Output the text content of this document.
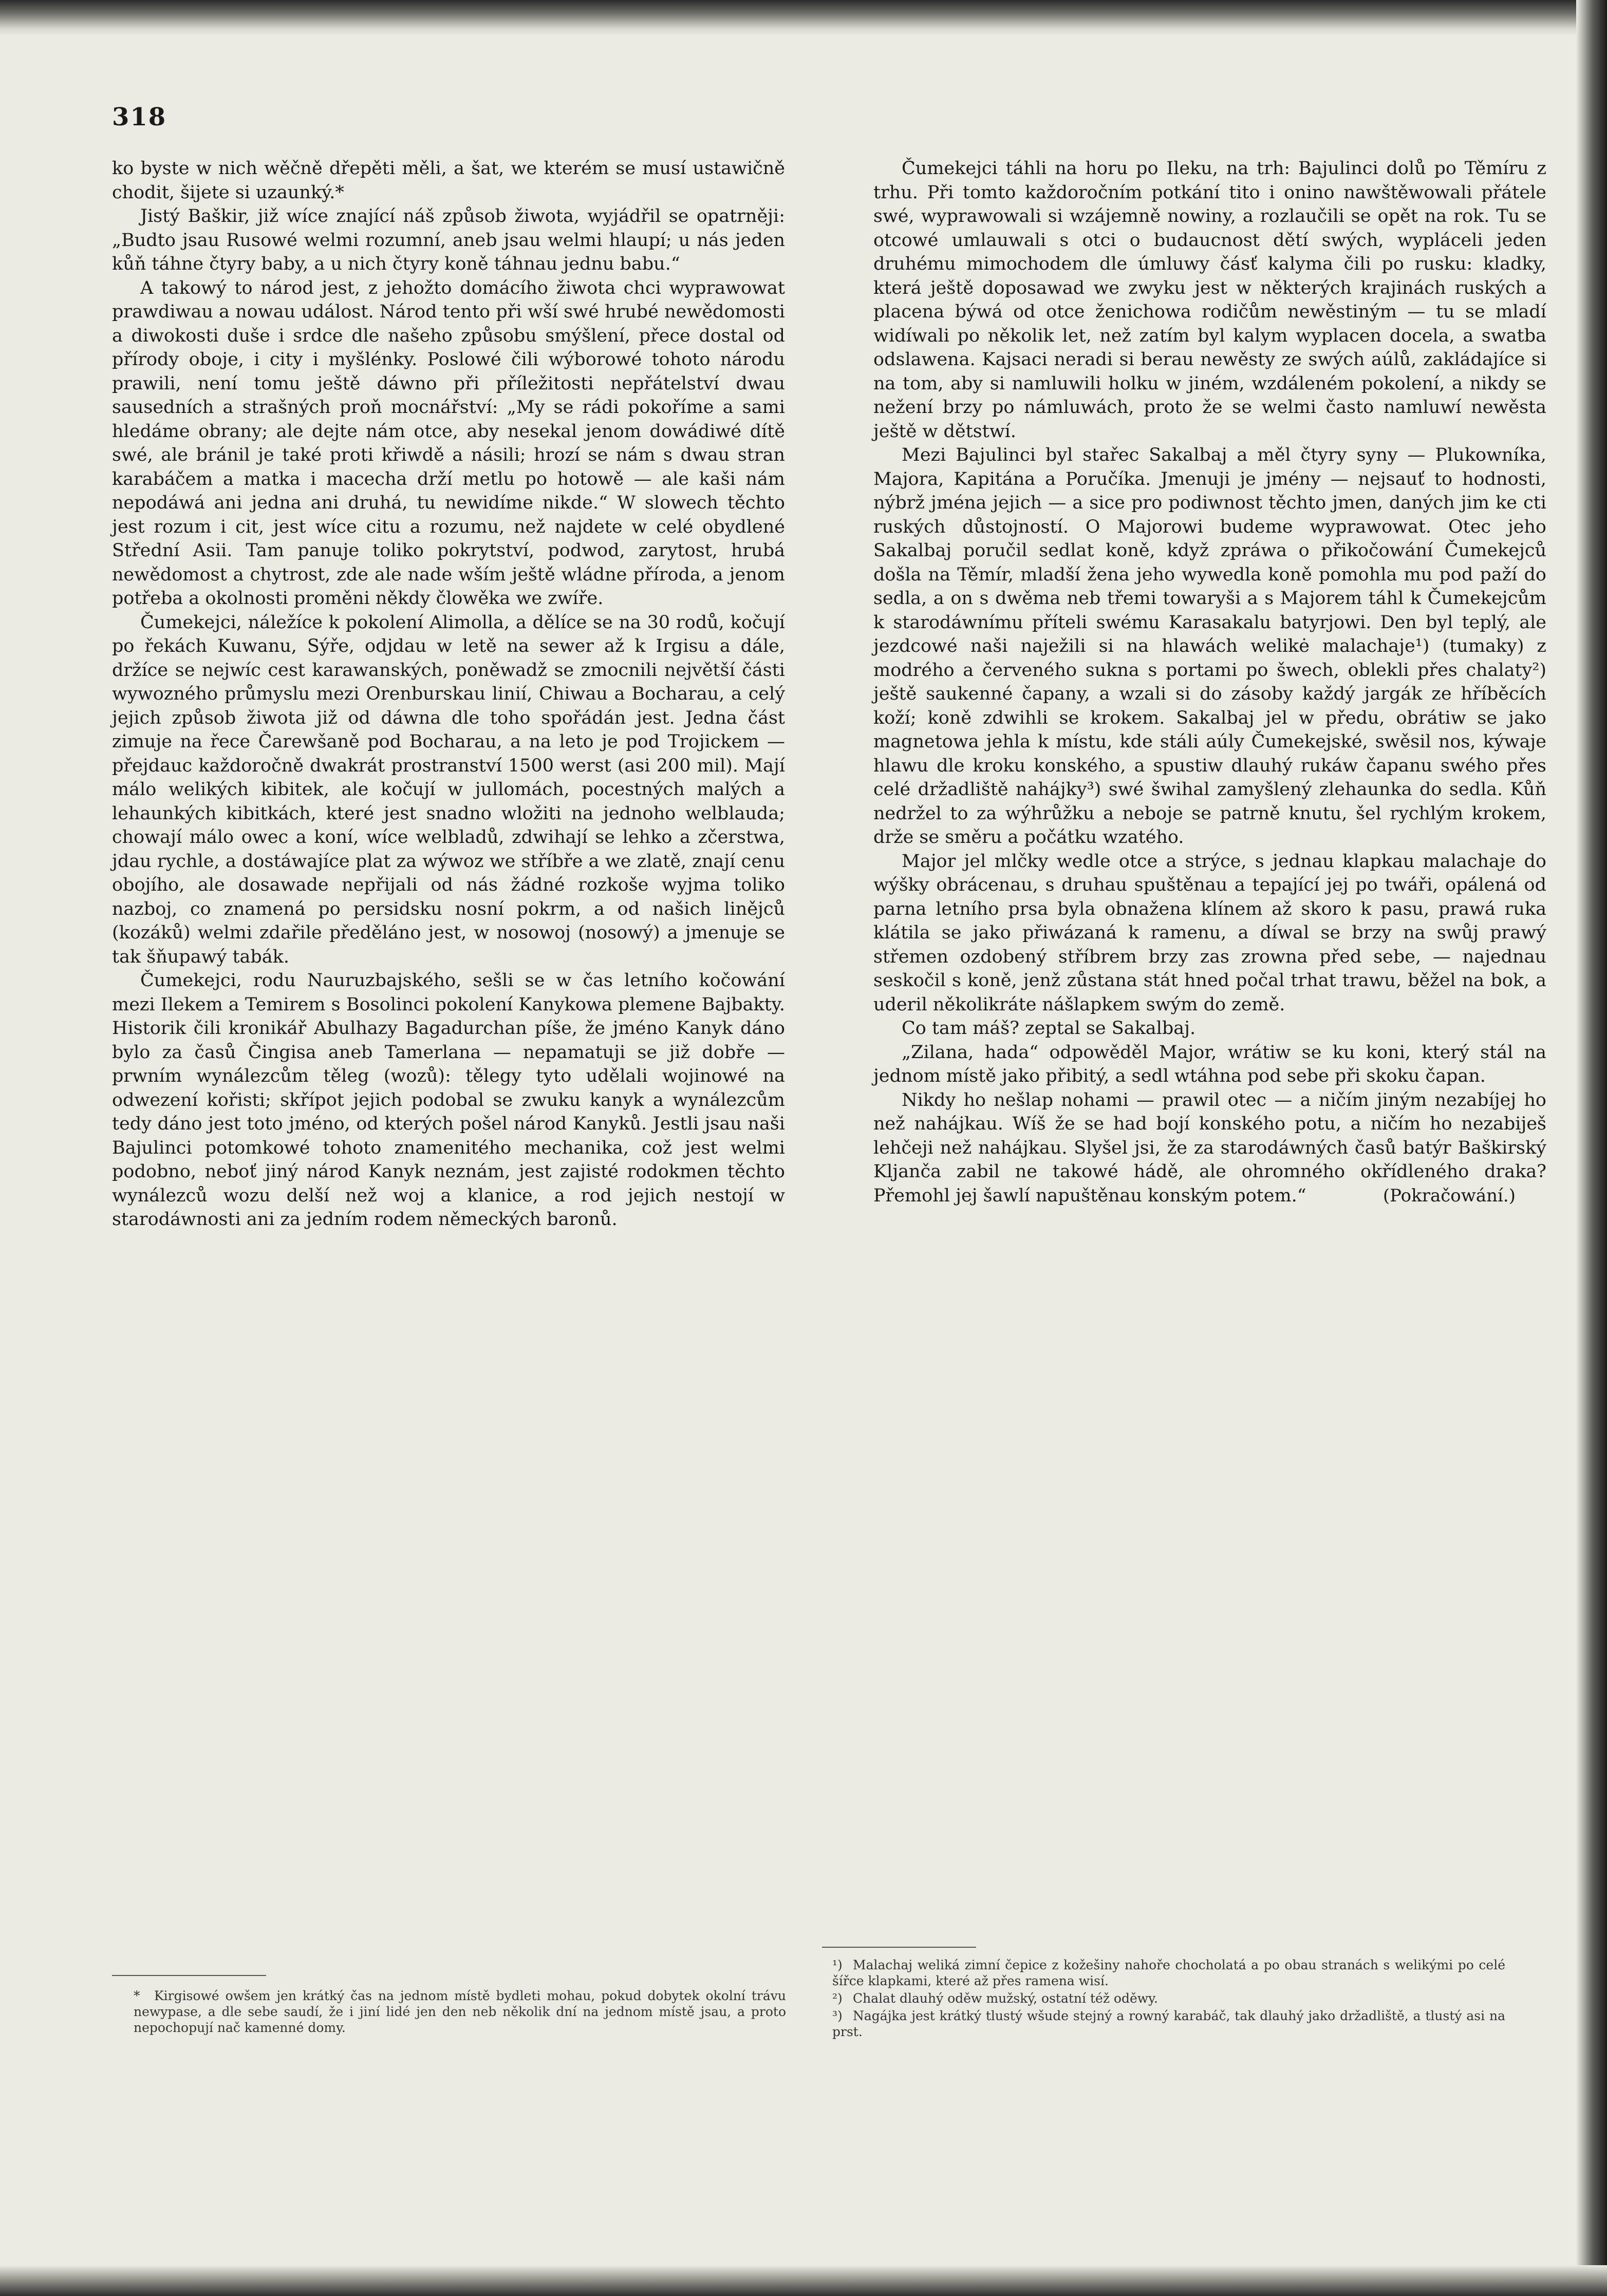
318

ko byste w nich wěčně dřepěti měli, a šat, we kterém se musí ustawičně chodit, šijete si uzaunký.*

Jistý Baškir, již wíce znající náš způsob žiwota, wyjádřil se opatrněji: „Budto jsau Rusowé welmi rozumní, aneb jsau welmi hlaupí; u nás jeden kůň táhne čtyry baby, a u nich čtyry koně táhnau jednu babu.“

A takowý to národ jest, z jehožto domácího žiwota chci wyprawowat prawdiwau a nowau událost. Národ tento při wší swé hrubé newědomosti a diwokosti duše i srdce dle našeho způsobu smýšlení, přece dostal od přírody oboje, i city i myšlénky. Poslowé čili wýborowé tohoto národu prawili, není tomu ještě dáwno při příležitosti nepřátelství dwau sausedních a strašných proň mocnářství: „My se rádi pokoříme a sami hledáme obrany; ale dejte nám otce, aby nesekal jenom dowádiwé dítě swé, ale bránil je také proti křiwdě a násili; hrozí se nám s dwau stran karabáčem a matka i macecha drží metlu po hotowě — ale kaši nám nepodáwá ani jedna ani druhá, tu newidíme nikde.“ W slowech těchto jest rozum i cit, jest wíce citu a rozumu, než najdete w celé obydlené Střední Asii. Tam panuje toliko pokrytství, podwod, zarytost, hrubá newědomost a chytrost, zde ale nade wším ještě wládne příroda, a jenom potřeba a okolnosti proměni někdy člowěka we zwíře.

Čumekejci, náležíce k pokolení Alimolla, a dělíce se na 30 rodů, kočují po řekách Kuwanu, Sýře, odjdau w letě na sewer až k Irgisu a dále, držíce se nejwíc cest karawanských, poněwadž se zmocnili největší části wywozného průmyslu mezi Orenburskau linií, Chiwau a Bocharau, a celý jejich způsob žiwota již od dáwna dle toho spořádán jest. Jedna část zimuje na řece Čarewšaně pod Bocharau, a na leto je pod Trojickem — přejdauc každoročně dwakrát prostranství 1500 werst (asi 200 mil). Mají málo welikých kibitek, ale kočují w jullomách, pocestných malých a lehaunkých kibitkách, které jest snadno wložiti na jednoho welblauda; chowají málo owec a koní, wíce welbladů, zdwihají se lehko a zčerstwa, jdau rychle, a dostáwajíce plat za wýwoz we stříbře a we zlatě, znají cenu obojího, ale dosawade nepřijali od nás žádné rozkoše wyjma toliko nazboj, co znamená po persidsku nosní pokrm, a od našich linějců (kozáků) welmi zdařile předěláno jest, w nosowoj (nosowý) a jmenuje se tak šňupawý tabák.

Čumekejci, rodu Nauruzbajského, sešli se w čas letního kočowání mezi Ilekem a Temirem s Bosolinci pokolení Kanykowa plemene Bajbakty. Historik čili kronikář Abulhazy Bagadurchan píše, že jméno Kanyk dáno bylo za časů Čingisa aneb Tamerlana — nepamatuji se již dobře — prwním wynálezcům těleg (wozů): tělegy tyto udělali wojinowé na odwezení kořisti; skřípot jejich podobal se zwuku kanyk a wynálezcům tedy dáno jest toto jméno, od kterých pošel národ Kanyků. Jestli jsau naši Bajulinci potomkowé tohoto znamenitého mechanika, což jest welmi podobno, neboť jiný národ Kanyk neznám, jest zajisté rodokmen těchto wynálezců wozu delší než woj a klanice, a rod jejich nestojí w starodáwnosti ani za jedním rodem německých baronů.

Čumekejci táhli na horu po Ileku, na trh: Bajulinci dolů po Těmíru z trhu. Při tomto každoročním potkání tito i onino nawštěwowali přátele swé, wyprawowali si wzájemně nowiny, a rozlaučili se opět na rok. Tu se otcowé umlauwali s otci o budaucnost dětí swých, wypláceli jeden druhému mimochodem dle úmluwy čásť kalyma čili po rusku: kladky, která ještě doposawad we zwyku jest w některých krajinách ruských a placena býwá od otce ženichowa rodičům newěstiným — tu se mladí widíwali po několik let, než zatím byl kalym wyplacen docela, a swatba odslawena. Kajsaci neradi si berau newěsty ze swých aúlů, zakládajíce si na tom, aby si namluwili holku w jiném, wzdáleném pokolení, a nikdy se nežení brzy po námluwách, proto že se welmi často namluwí newěsta ještě w dětstwí.

Mezi Bajulinci byl stařec Sakalbaj a měl čtyry syny — Plukowníka, Majora, Kapitána a Poručíka. Jmenuji je jmény — nejsauť to hodnosti, nýbrž jména jejich — a sice pro podiwnost těchto jmen, daných jim ke cti ruských důstojností. O Majorowi budeme wyprawowat. Otec jeho Sakalbaj poručil sedlat koně, když zpráwa o přikočowání Čumekejců došla na Těmír, mladší žena jeho wywedla koně pomohla mu pod paží do sedla, a on s dwěma neb třemi towaryši a s Majorem táhl k Čumekejcům k starodáwnímu příteli swému Karasakalu batyrjowi. Den byl teplý, ale jezdcowé naši naježili si na hlawách welikė malachaje¹) (tumaky) z modrého a červeného sukna s portami po šwech, oblekli přes chalaty²) ještě saukenné čapany, a wzali si do zásoby každý jargák ze hříběcích koží; koně zdwihli se krokem. Sakalbaj jel w předu, obrátiw se jako magnetowa jehla k místu, kde stáli aúly Čumekejské, swěsil nos, kýwaje hlawu dle kroku konského, a spustiw dlauhý rukáw čapanu swého přes celé držadliště nahájky³) swé šwihal zamyšlený zlehaunka do sedla. Kůň nedržel to za wýhrůžku a neboje se patrně knutu, šel rychlým krokem, drže se směru a počátku wzatého.

Major jel mlčky wedle otce a strýce, s jednau klapkau malachaje do wýšky obrácenau, s druhau spuštěnau a tepající jej po twáři, opálená od parna letního prsa byla obnažena klínem až skoro k pasu, prawá ruka klátila se jako přiwázaná k ramenu, a díwal se brzy na swůj prawý střemen ozdobený stříbrem brzy zas zrowna před sebe, — najednau seskočil s koně, jenž zůstana stát hned počal trhat trawu, běžel na bok, a uderil několikráte nášlapkem swým do země.

Co tam máš? zeptal se Sakalbaj.

„Zilana, hada“ odpowěděl Major, wrátiw se ku koni, který stál na jednom místě jako přibitý, a sedl wtáhna pod sebe při skoku čapan.

Nikdy ho nešlap nohami — prawil otec — a ničím jiným nezabíjej ho než nahájkau. Wíš že se had bojí konského potu, a ničím ho nezabiješ lehčeji než nahájkau. Slyšel jsi, že za starodáwných časů batýr Baškirský Kljanča zabil ne takowé hádě, ale ohromného okřídleného draka? Přemohl jej šawlí napuštěnau konským potem.“	(Pokračowání.)

* Kirgisowé owšem jen krátký čas na jednom místě bydleti mohau, pokud dobytek okolní trávu newypase, a dle sebe saudí, že i jiní lidé jen den neb několik dní na jednom místě jsau, a proto nepochopují nač kamenné domy.

¹) Malachaj weliká zimní čepice z kožešiny nahoře chocholatá a po obau stranách s welikými po celé šířce klapkami, které až přes ramena wisí.

²) Chalat dlauhý oděw mužský, ostatní též oděwy.

³) Nagájka jest krátký tlustý wšude stejný a rowný karabáč, tak dlauhý jako držadliště, a tlustý asi na prst.
